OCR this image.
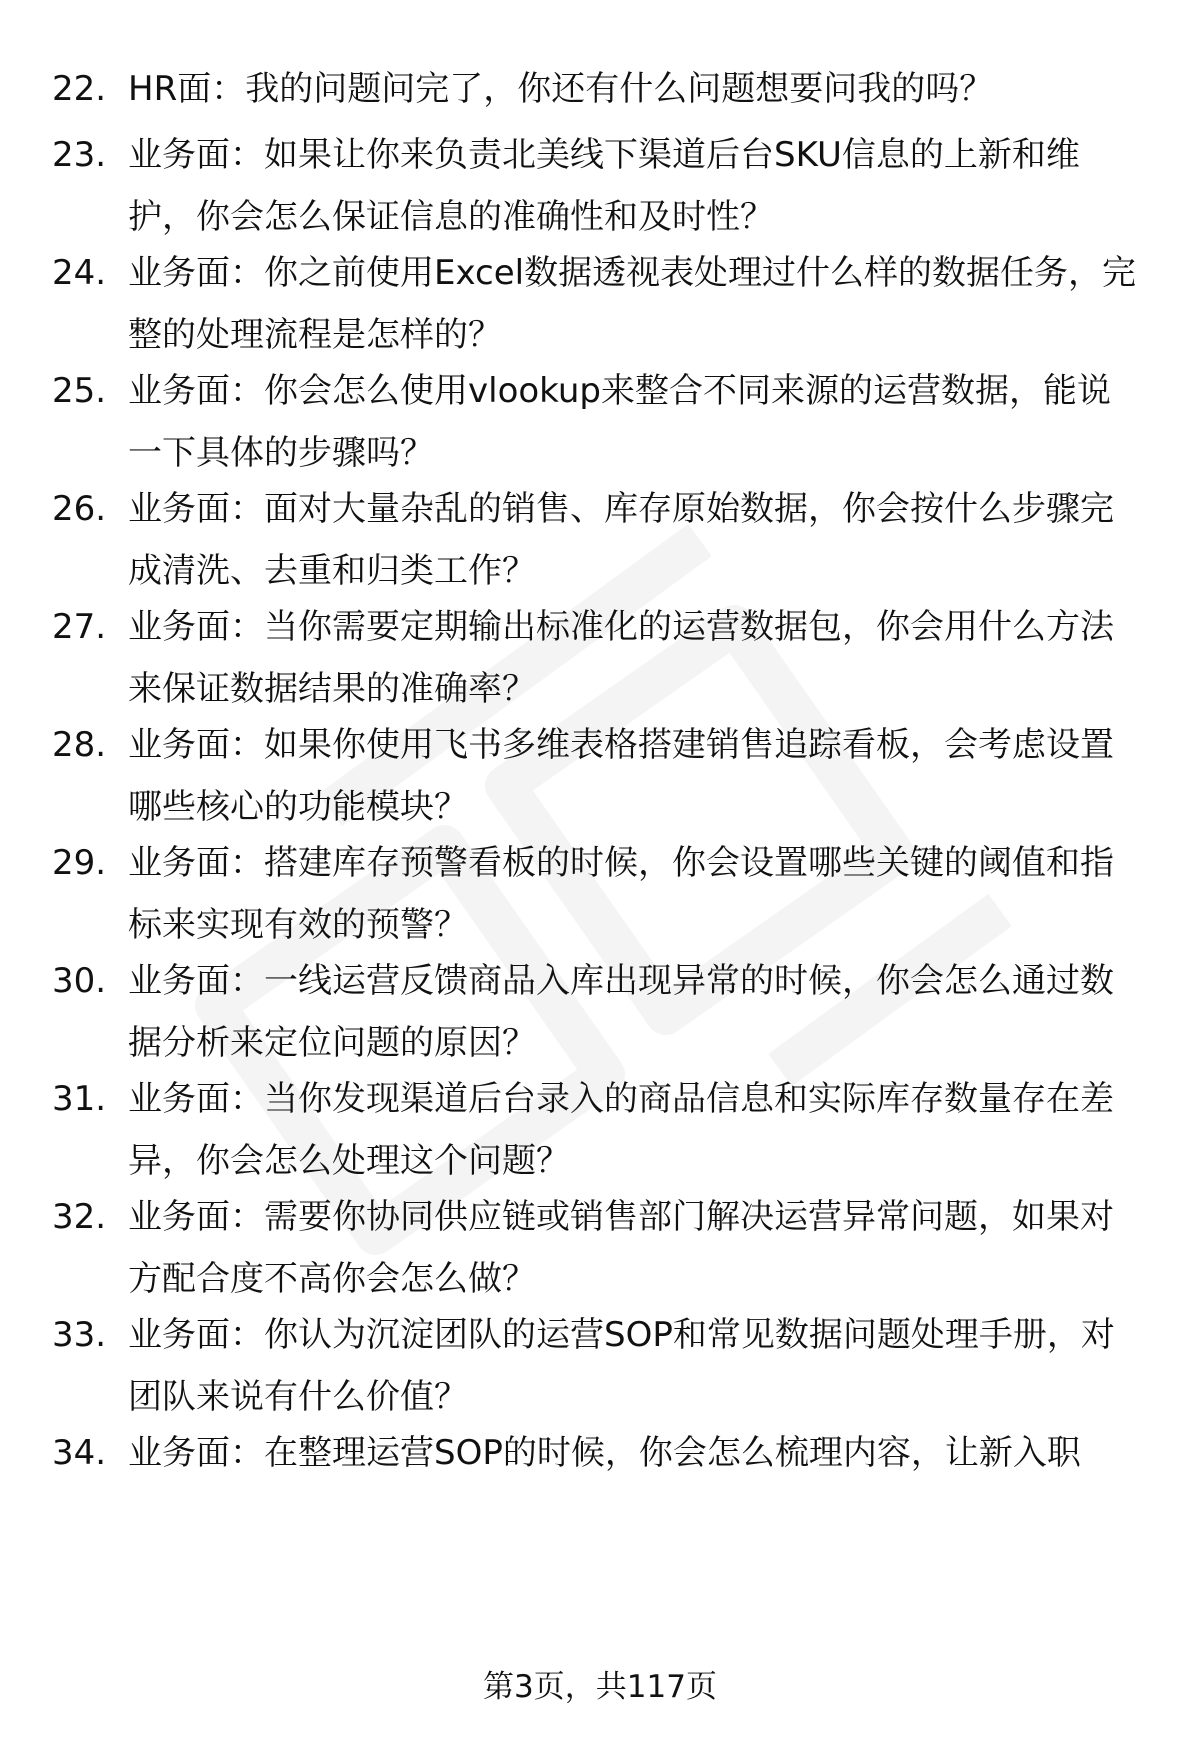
22. HR面：我的问题问完了，你还有什么问题想要问我的吗？

23. 业务面：如果让你来负责北美线下渠道后台SKU信息的上新和维护，你会怎么保证信息的准确性和及时性？

24. 业务面：你之前使用Excel数据透视表处理过什么样的数据任务，完整的处理流程是怎样的？

25. 业务面：你会怎么使用vlookup来整合不同来源的运营数据，能说一下具体的步骤吗？

26. 业务面：面对大量杂乱的销售、库存原始数据，你会按什么步骤完成清洗、去重和归类工作？

27. 业务面：当你需要定期输出标准化的运营数据包，你会用什么方法来保证数据结果的准确率？

28. 业务面：如果你使用飞书多维表格搭建销售追踪看板，会考虑设置哪些核心的功能模块？

29. 业务面：搭建库存预警看板的时候，你会设置哪些关键的阈值和指标来实现有效的预警？

30. 业务面：一线运营反馈商品入库出现异常的时候，你会怎么通过数据分析来定位问题的原因？

31. 业务面：当你发现渠道后台录入的商品信息和实际库存数量存在差异，你会怎么处理这个问题？

32. 业务面：需要你协同供应链或销售部门解决运营异常问题，如果对方配合度不高你会怎么做？

33. 业务面：你认为沉淀团队的运营SOP和常见数据问题处理手册，对团队来说有什么价值？

34. 业务面：在整理运营SOP的时候，你会怎么梳理内容，让新入职

第3页，共117页
